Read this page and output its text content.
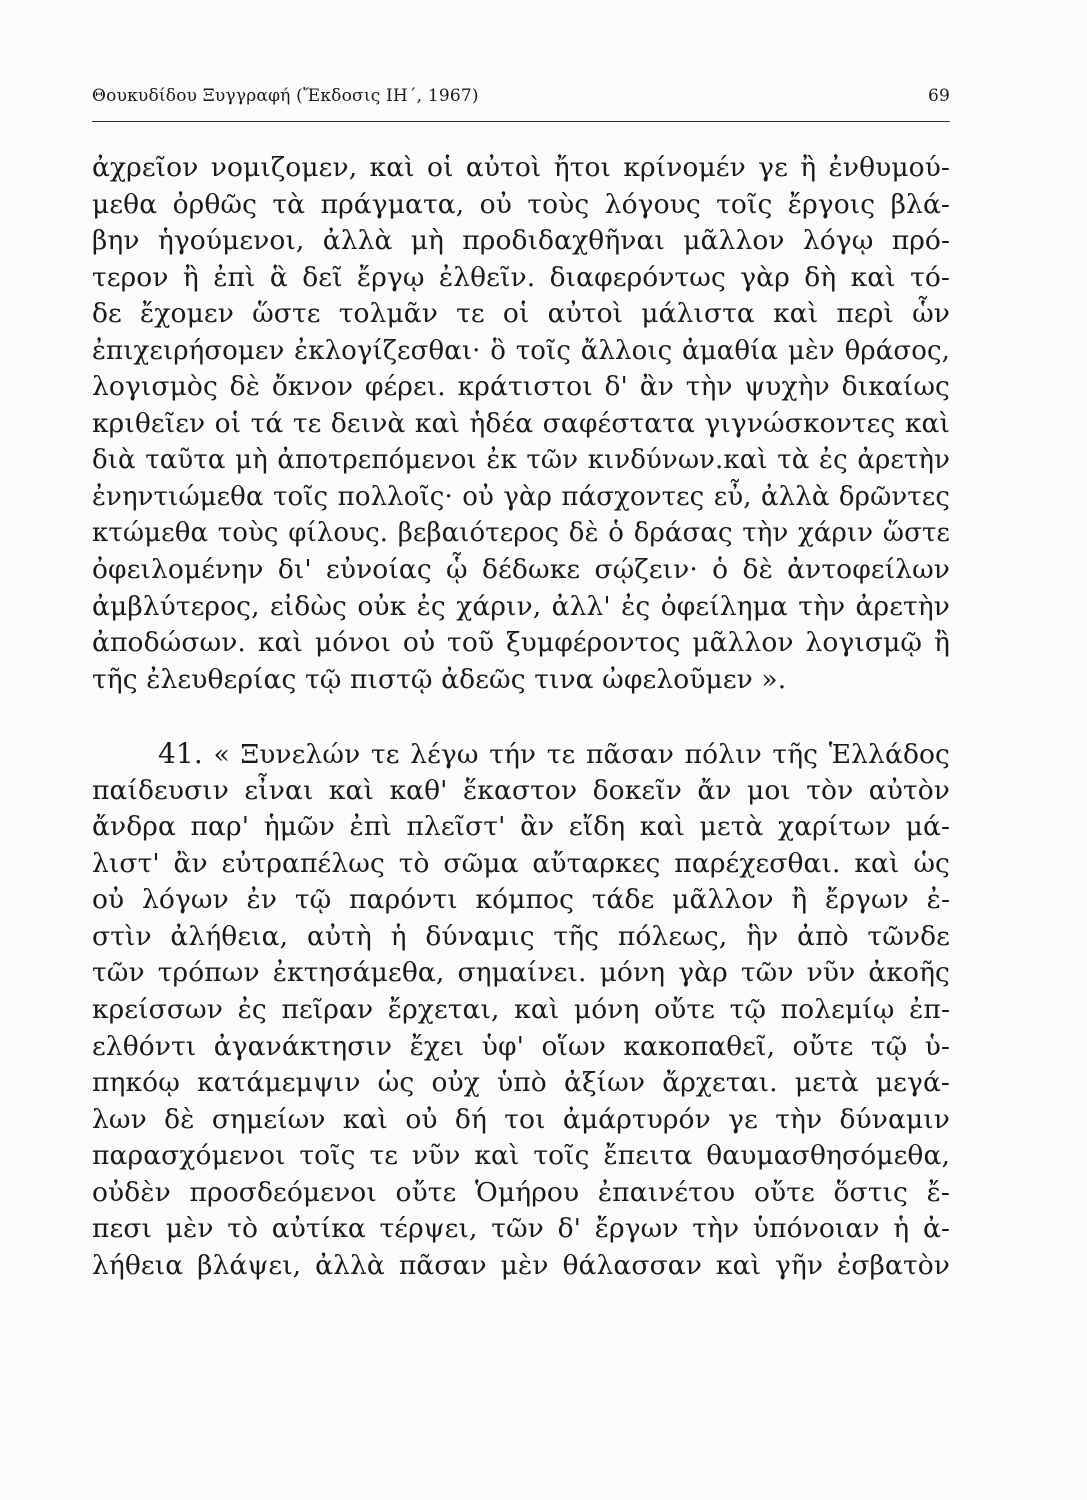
Θουκυδίδου Ξυγγραφή (Ἔκδοσις ΙΗ΄, 1967)	69
ἀχρεῖον νομιζομεν, καὶ οἱ αὐτοὶ ἤτοι κρίνομέν γε ἢ ἐνθυμού-
μεθα ὀρθῶς τὰ πράγματα, οὐ τοὺς λόγους τοῖς ἔργοις βλά-
βην ἡγούμενοι, ἀλλὰ μὴ προδιδαχθῆναι μᾶλλον λόγῳ πρό-
τερον ἢ ἐπὶ ἃ δεῖ ἔργῳ ἐλθεῖν. διαφερόντως γὰρ δὴ καὶ τό-
δε ἔχομεν ὥστε τολμᾶν τε οἱ αὐτοὶ μάλιστα καὶ περὶ ὧν
ἐπιχειρήσομεν ἐκλογίζεσθαι· ὃ τοῖς ἄλλοις ἀμαθία μὲν θράσος,
λογισμὸς δὲ ὄκνον φέρει. κράτιστοι δ' ἂν τὴν ψυχὴν δικαίως
κριθεῖεν οἱ τά τε δεινὰ καὶ ἡδέα σαφέστατα γιγνώσκοντες καὶ
διὰ ταῦτα μὴ ἀποτρεπόμενοι ἐκ τῶν κινδύνων.καὶ τὰ ἐς ἀρετὴν
ἐνηντιώμεθα τοῖς πολλοῖς· οὐ γὰρ πάσχοντες εὖ, ἀλλὰ δρῶντες
κτώμεθα τοὺς φίλους. βεβαιότερος δὲ ὁ δράσας τὴν χάριν ὥστε
ὀφειλομένην δι' εὐνοίας ᾧ δέδωκε σῴζειν· ὁ δὲ ἀντοφείλων
ἀμβλύτερος, εἰδὼς οὐκ ἐς χάριν, ἀλλ' ἐς ὀφείλημα τὴν ἀρετὴν
ἀποδώσων. καὶ μόνοι οὐ τοῦ ξυμφέροντος μᾶλλον λογισμῷ ἢ
τῆς ἐλευθερίας τῷ πιστῷ ἀδεῶς τινα ὠφελοῦμεν ».
41. « Ξυνελών τε λέγω τήν τε πᾶσαν πόλιν τῆς Ἑλλάδος
παίδευσιν εἶναι καὶ καθ' ἕκαστον δοκεῖν ἄν μοι τὸν αὐτὸν
ἄνδρα παρ' ἡμῶν ἐπὶ πλεῖστ' ἂν εἴδη καὶ μετὰ χαρίτων μά-
λιστ' ἂν εὐτραπέλως τὸ σῶμα αὔταρκες παρέχεσθαι. καὶ ὡς
οὐ λόγων ἐν τῷ παρόντι κόμπος τάδε μᾶλλον ἢ ἔργων ἐ-
στὶν ἀλήθεια, αὐτὴ ἡ δύναμις τῆς πόλεως, ἣν ἀπὸ τῶνδε
τῶν τρόπων ἐκτησάμεθα, σημαίνει. μόνη γὰρ τῶν νῦν ἀκοῆς
κρείσσων ἐς πεῖραν ἔρχεται, καὶ μόνη οὔτε τῷ πολεμίῳ ἐπ-
ελθόντι ἀγανάκτησιν ἔχει ὑφ' οἵων κακοπαθεῖ, οὔτε τῷ ὑ-
πηκόῳ κατάμεμψιν ὡς οὐχ ὑπὸ ἀξίων ἄρχεται. μετὰ μεγά-
λων δὲ σημείων καὶ οὐ δή τοι ἀμάρτυρόν γε τὴν δύναμιν
παρασχόμενοι τοῖς τε νῦν καὶ τοῖς ἔπειτα θαυμασθησόμεθα,
οὐδὲν προσδεόμενοι οὔτε Ὁμήρου ἐπαινέτου οὔτε ὅστις ἔ-
πεσι μὲν τὸ αὐτίκα τέρψει, τῶν δ' ἔργων τὴν ὑπόνοιαν ἡ ἀ-
λήθεια βλάψει, ἀλλὰ πᾶσαν μὲν θάλασσαν καὶ γῆν ἐσβατὸν
